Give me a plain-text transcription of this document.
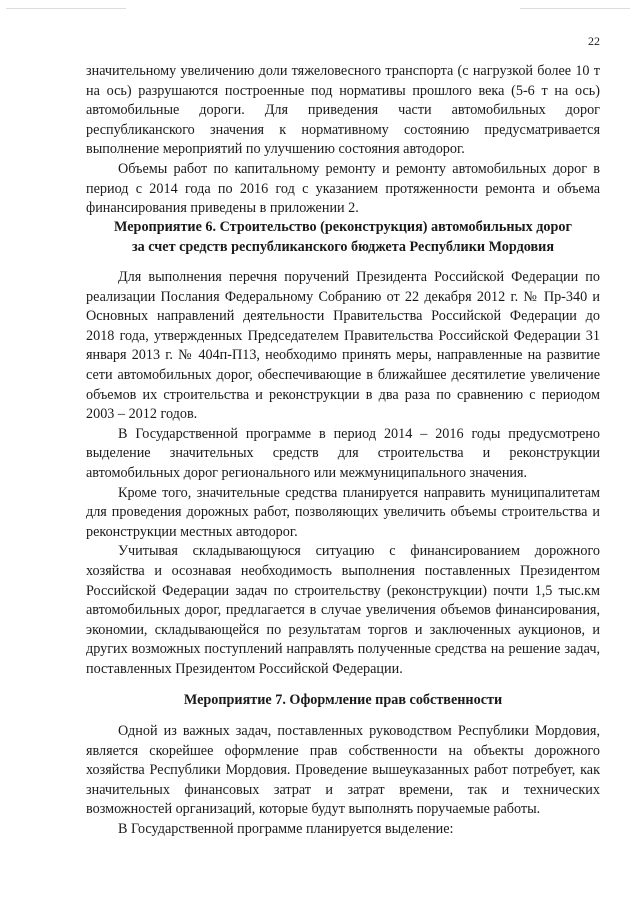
22

значительному увеличению доли тяжеловесного транспорта (с нагрузкой более 10 т на ось) разрушаются построенные под нормативы прошлого века (5-6 т на ось) автомобильные дороги. Для приведения части автомобильных дорог республиканского значения к нормативному состоянию предусматривается выполнение мероприятий по улучшению состояния автодорог.

Объемы работ по капитальному ремонту и ремонту автомобильных дорог в период с 2014 года по 2016 год с указанием протяженности ремонта и объема финансирования приведены в приложении 2.

Мероприятие 6. Строительство (реконструкция) автомобильных дорог
за счет средств республиканского бюджета Республики Мордовия

Для выполнения перечня поручений Президента Российской Федерации по реализации Послания Федеральному Собранию от 22 декабря 2012 г. № Пр-340 и Основных направлений деятельности Правительства Российской Федерации до 2018 года, утвержденных Председателем Правительства Российской Федерации 31 января 2013 г. № 404п-П13, необходимо принять меры, направленные на развитие сети автомобильных дорог, обеспечивающие в ближайшее десятилетие увеличение объемов их строительства и реконструкции в два раза по сравнению с периодом 2003 – 2012 годов.

В Государственной программе в период 2014 – 2016 годы предусмотрено выделение значительных средств для строительства и реконструкции автомобильных дорог регионального или межмуниципального значения.

Кроме того, значительные средства планируется направить муниципалитетам для проведения дорожных работ, позволяющих увеличить объемы строительства и реконструкции местных автодорог.

Учитывая складывающуюся ситуацию с финансированием дорожного хозяйства и осознавая необходимость выполнения поставленных Президентом Российской Федерации задач по строительству (реконструкции) почти 1,5 тыс.км автомобильных дорог, предлагается в случае увеличения объемов финансирования, экономии, складывающейся по результатам торгов и заключенных аукционов, и других возможных поступлений направлять полученные средства на решение задач, поставленных Президентом Российской Федерации.

Мероприятие 7. Оформление прав собственности

Одной из важных задач, поставленных руководством Республики Мордовия, является скорейшее оформление прав собственности на объекты дорожного хозяйства Республики Мордовия. Проведение вышеуказанных работ потребует, как значительных финансовых затрат и затрат времени, так и технических возможностей организаций, которые будут выполнять поручаемые работы.

В Государственной программе планируется выделение:
